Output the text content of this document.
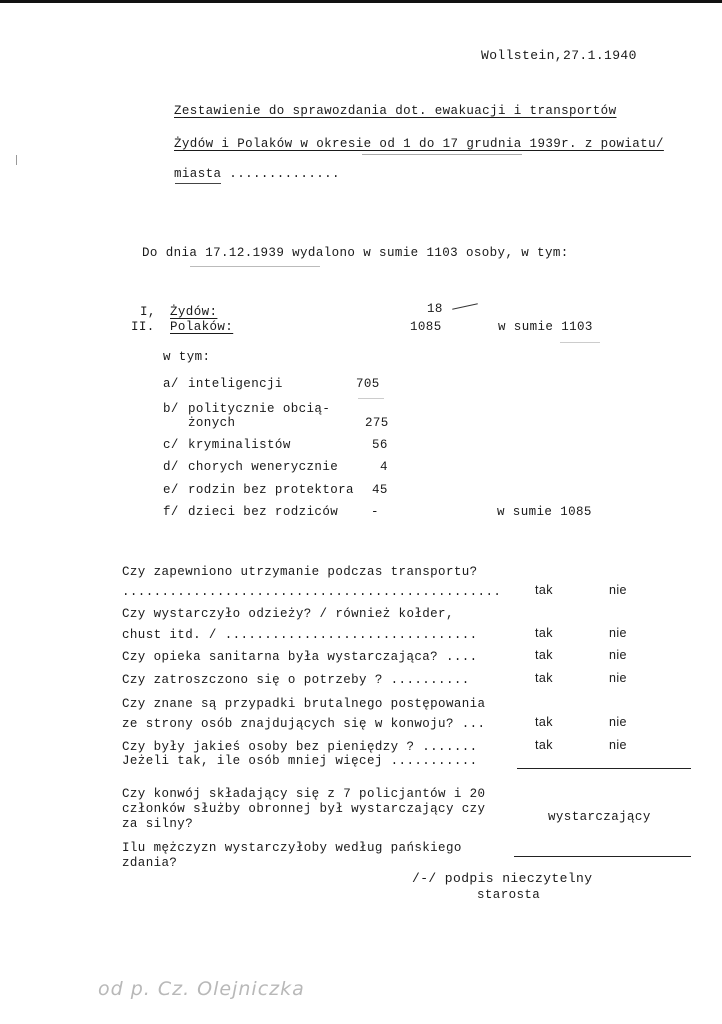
Wollstein,27.1.1940
Zestawienie do sprawozdania dot. ewakuacji i transportów
Żydów i Polaków w okresie od 1 do 17 grudnia 1939r. z powiatu/
miasta ..............
Do dnia 17.12.1939 wydalono w sumie 1103 osoby, w tym:
I, Żydów:	18
II. Polaków:	1085	w sumie 1103
w tym:
a/ inteligencji	705
b/ politycznie obcią-
żonych	275
c/ kryminalistów	56
d/ chorych wenerycznie	4
e/ rodzin bez protektora 45
f/ dzieci bez rodziców	-	w sumie 1085
Czy zapewniono utrzymanie podczas transportu?
................................................	tak	nie
Czy wystarczyło odzieży? / również kołder,
chust itd. / ................................	tak	nie
Czy opieka sanitarna była wystarczająca? ....	tak	nie
Czy zatroszczono się o potrzeby ? ..........	tak	nie
Czy znane są przypadki brutalnego postępowania
ze strony osób znajdujących się w konwoju? ...	tak	nie
Czy były jakieś osoby bez pieniędzy ? .......
Jeżeli tak, ile osób mniej więcej ...........
tak	nie
Czy konwój składający się z 7 policjantów i 20
członków służby obronnej był wystarczający czy
za silny?	wystarczający
Ilu mężczyzn wystarczyłoby według pańskiego
zdania?
/-/ podpis nieczytelny
starosta
od p. Cz. Olejniczka
